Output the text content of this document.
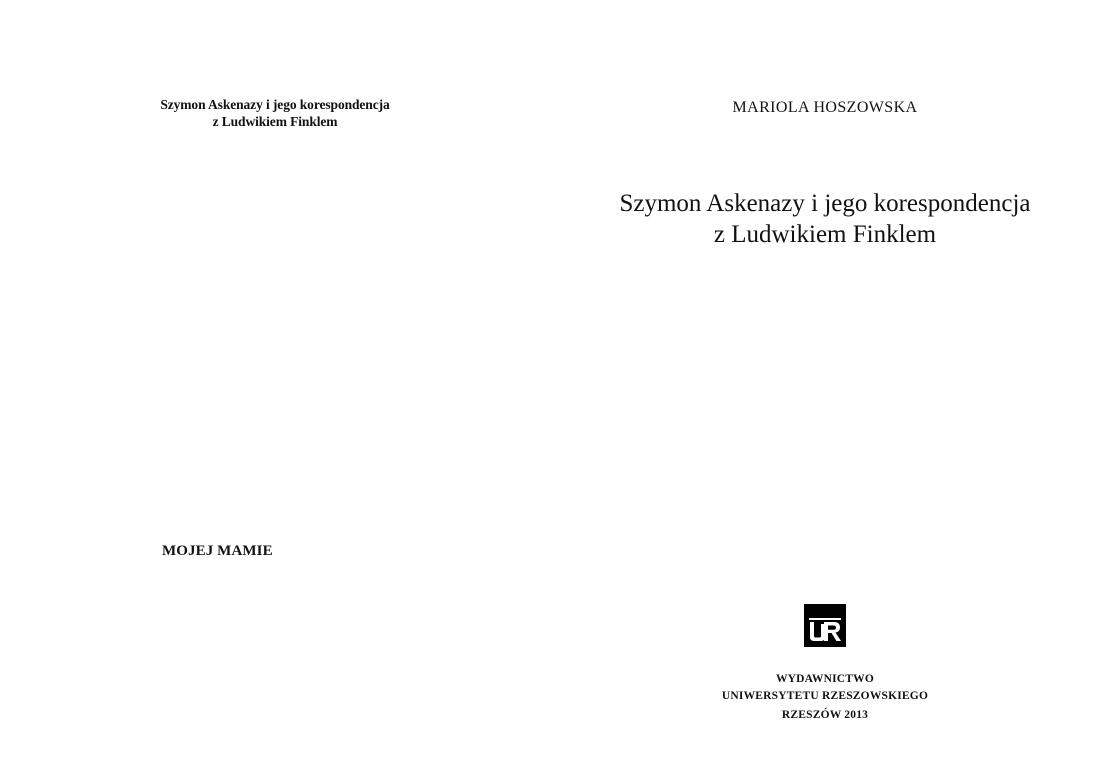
Szymon Askenazy i jego korespondencja
z Ludwikiem Finklem
MOJEJ MAMIE
MARIOLA HOSZOWSKA
Szymon Askenazy i jego korespondencja
z Ludwikiem Finklem
WYDAWNICTWO
UNIWERSYTETU RZESZOWSKIEGO
RZESZÓW 2013
